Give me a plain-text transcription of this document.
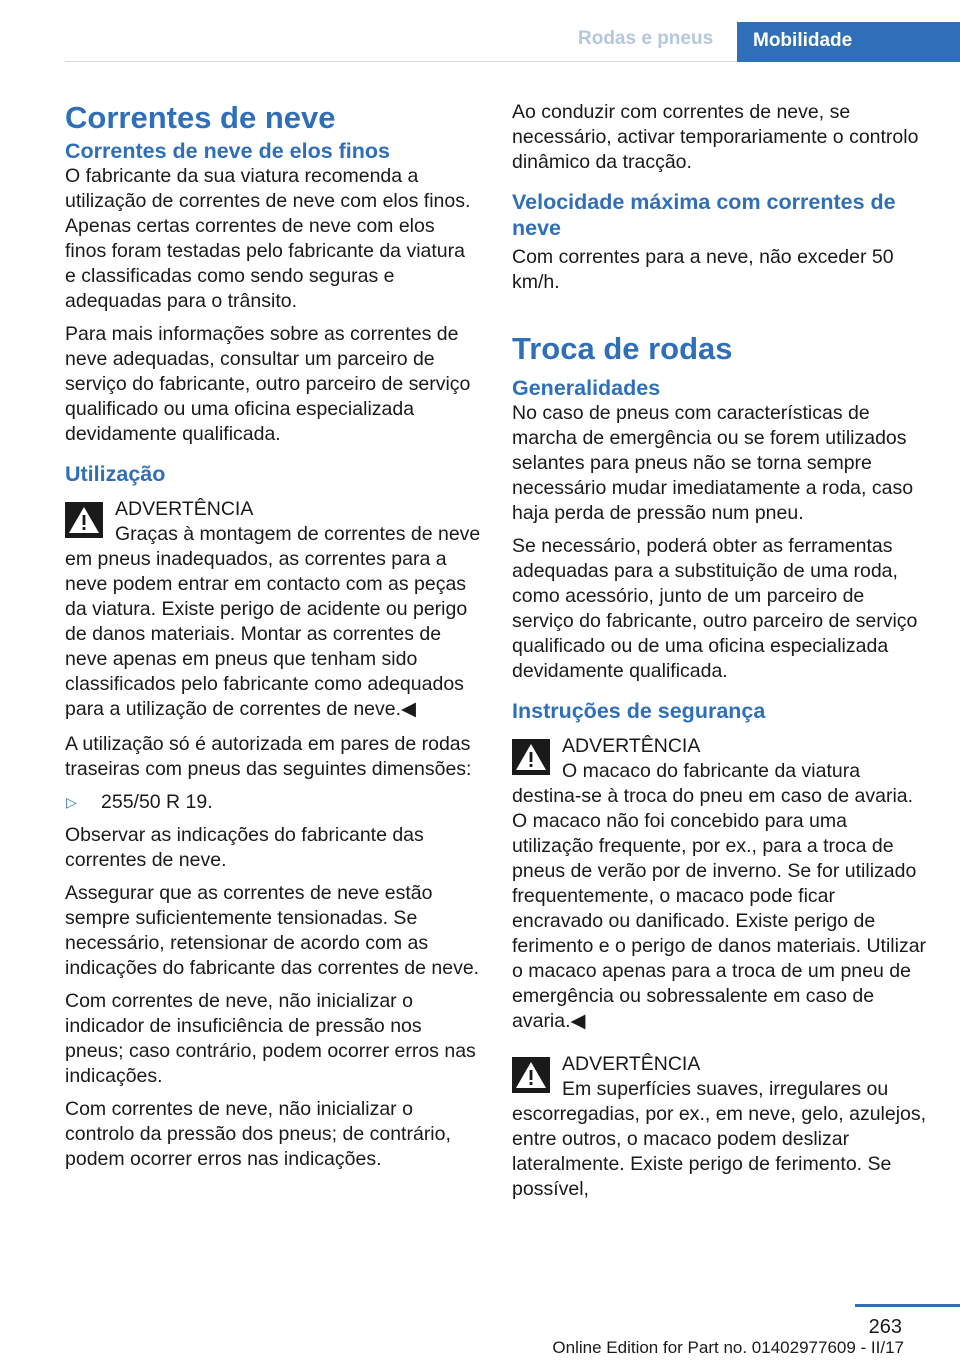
Rodas e pneus	Mobilidade
Correntes de neve
Correntes de neve de elos finos

O fabricante da sua viatura recomenda a utilização de correntes de neve com elos finos. Apenas certas correntes de neve com elos finos foram testadas pelo fabricante da viatura e classificadas como sendo seguras e adequadas para o trânsito.

Para mais informações sobre as correntes de neve adequadas, consultar um parceiro de serviço do fabricante, outro parceiro de serviço qualificado ou uma oficina especializada devidamente qualificada.

Utilização
ADVERTÊNCIA

Graças à montagem de correntes de neve em pneus inadequados, as correntes para a neve podem entrar em contacto com as peças da viatura. Existe perigo de acidente ou perigo de danos materiais. Montar as correntes de neve apenas em pneus que tenham sido classificados pelo fabricante como adequados para a utilização de correntes de neve.◀

A utilização só é autorizada em pares de rodas traseiras com pneus das seguintes dimensões:

▷ 255/50 R 19.

Observar as indicações do fabricante das correntes de neve.

Assegurar que as correntes de neve estão sempre suficientemente tensionadas. Se necessário, retensionar de acordo com as indicações do fabricante das correntes de neve.

Com correntes de neve, não inicializar o indicador de insuficiência de pressão nos pneus; caso contrário, podem ocorrer erros nas indicações.

Com correntes de neve, não inicializar o controlo da pressão dos pneus; de contrário, podem ocorrer erros nas indicações.

Ao conduzir com correntes de neve, se necessário, activar temporariamente o controlo dinâmico da tracção.

Velocidade máxima com correntes de neve

Com correntes para a neve, não exceder 50 km/h.

Troca de rodas
Generalidades

No caso de pneus com características de marcha de emergência ou se forem utilizados selantes para pneus não se torna sempre necessário mudar imediatamente a roda, caso haja perda de pressão num pneu.

Se necessário, poderá obter as ferramentas adequadas para a substituição de uma roda, como acessório, junto de um parceiro de serviço do fabricante, outro parceiro de serviço qualificado ou de uma oficina especializada devidamente qualificada.

Instruções de segurança
ADVERTÊNCIA

O macaco do fabricante da viatura destina-se à troca do pneu em caso de avaria. O macaco não foi concebido para uma utilização frequente, por ex., para a troca de pneus de verão por de inverno. Se for utilizado frequentemente, o macaco pode ficar encravado ou danificado. Existe perigo de ferimento e o perigo de danos materiais. Utilizar o macaco apenas para a troca de um pneu de emergência ou sobressalente em caso de avaria.◀

ADVERTÊNCIA

Em superfícies suaves, irregulares ou escorregadias, por ex., em neve, gelo, azulejos, entre outros, o macaco podem deslizar lateralmente. Existe perigo de ferimento. Se possível,

263
Online Edition for Part no. 01402977609 - II/17
